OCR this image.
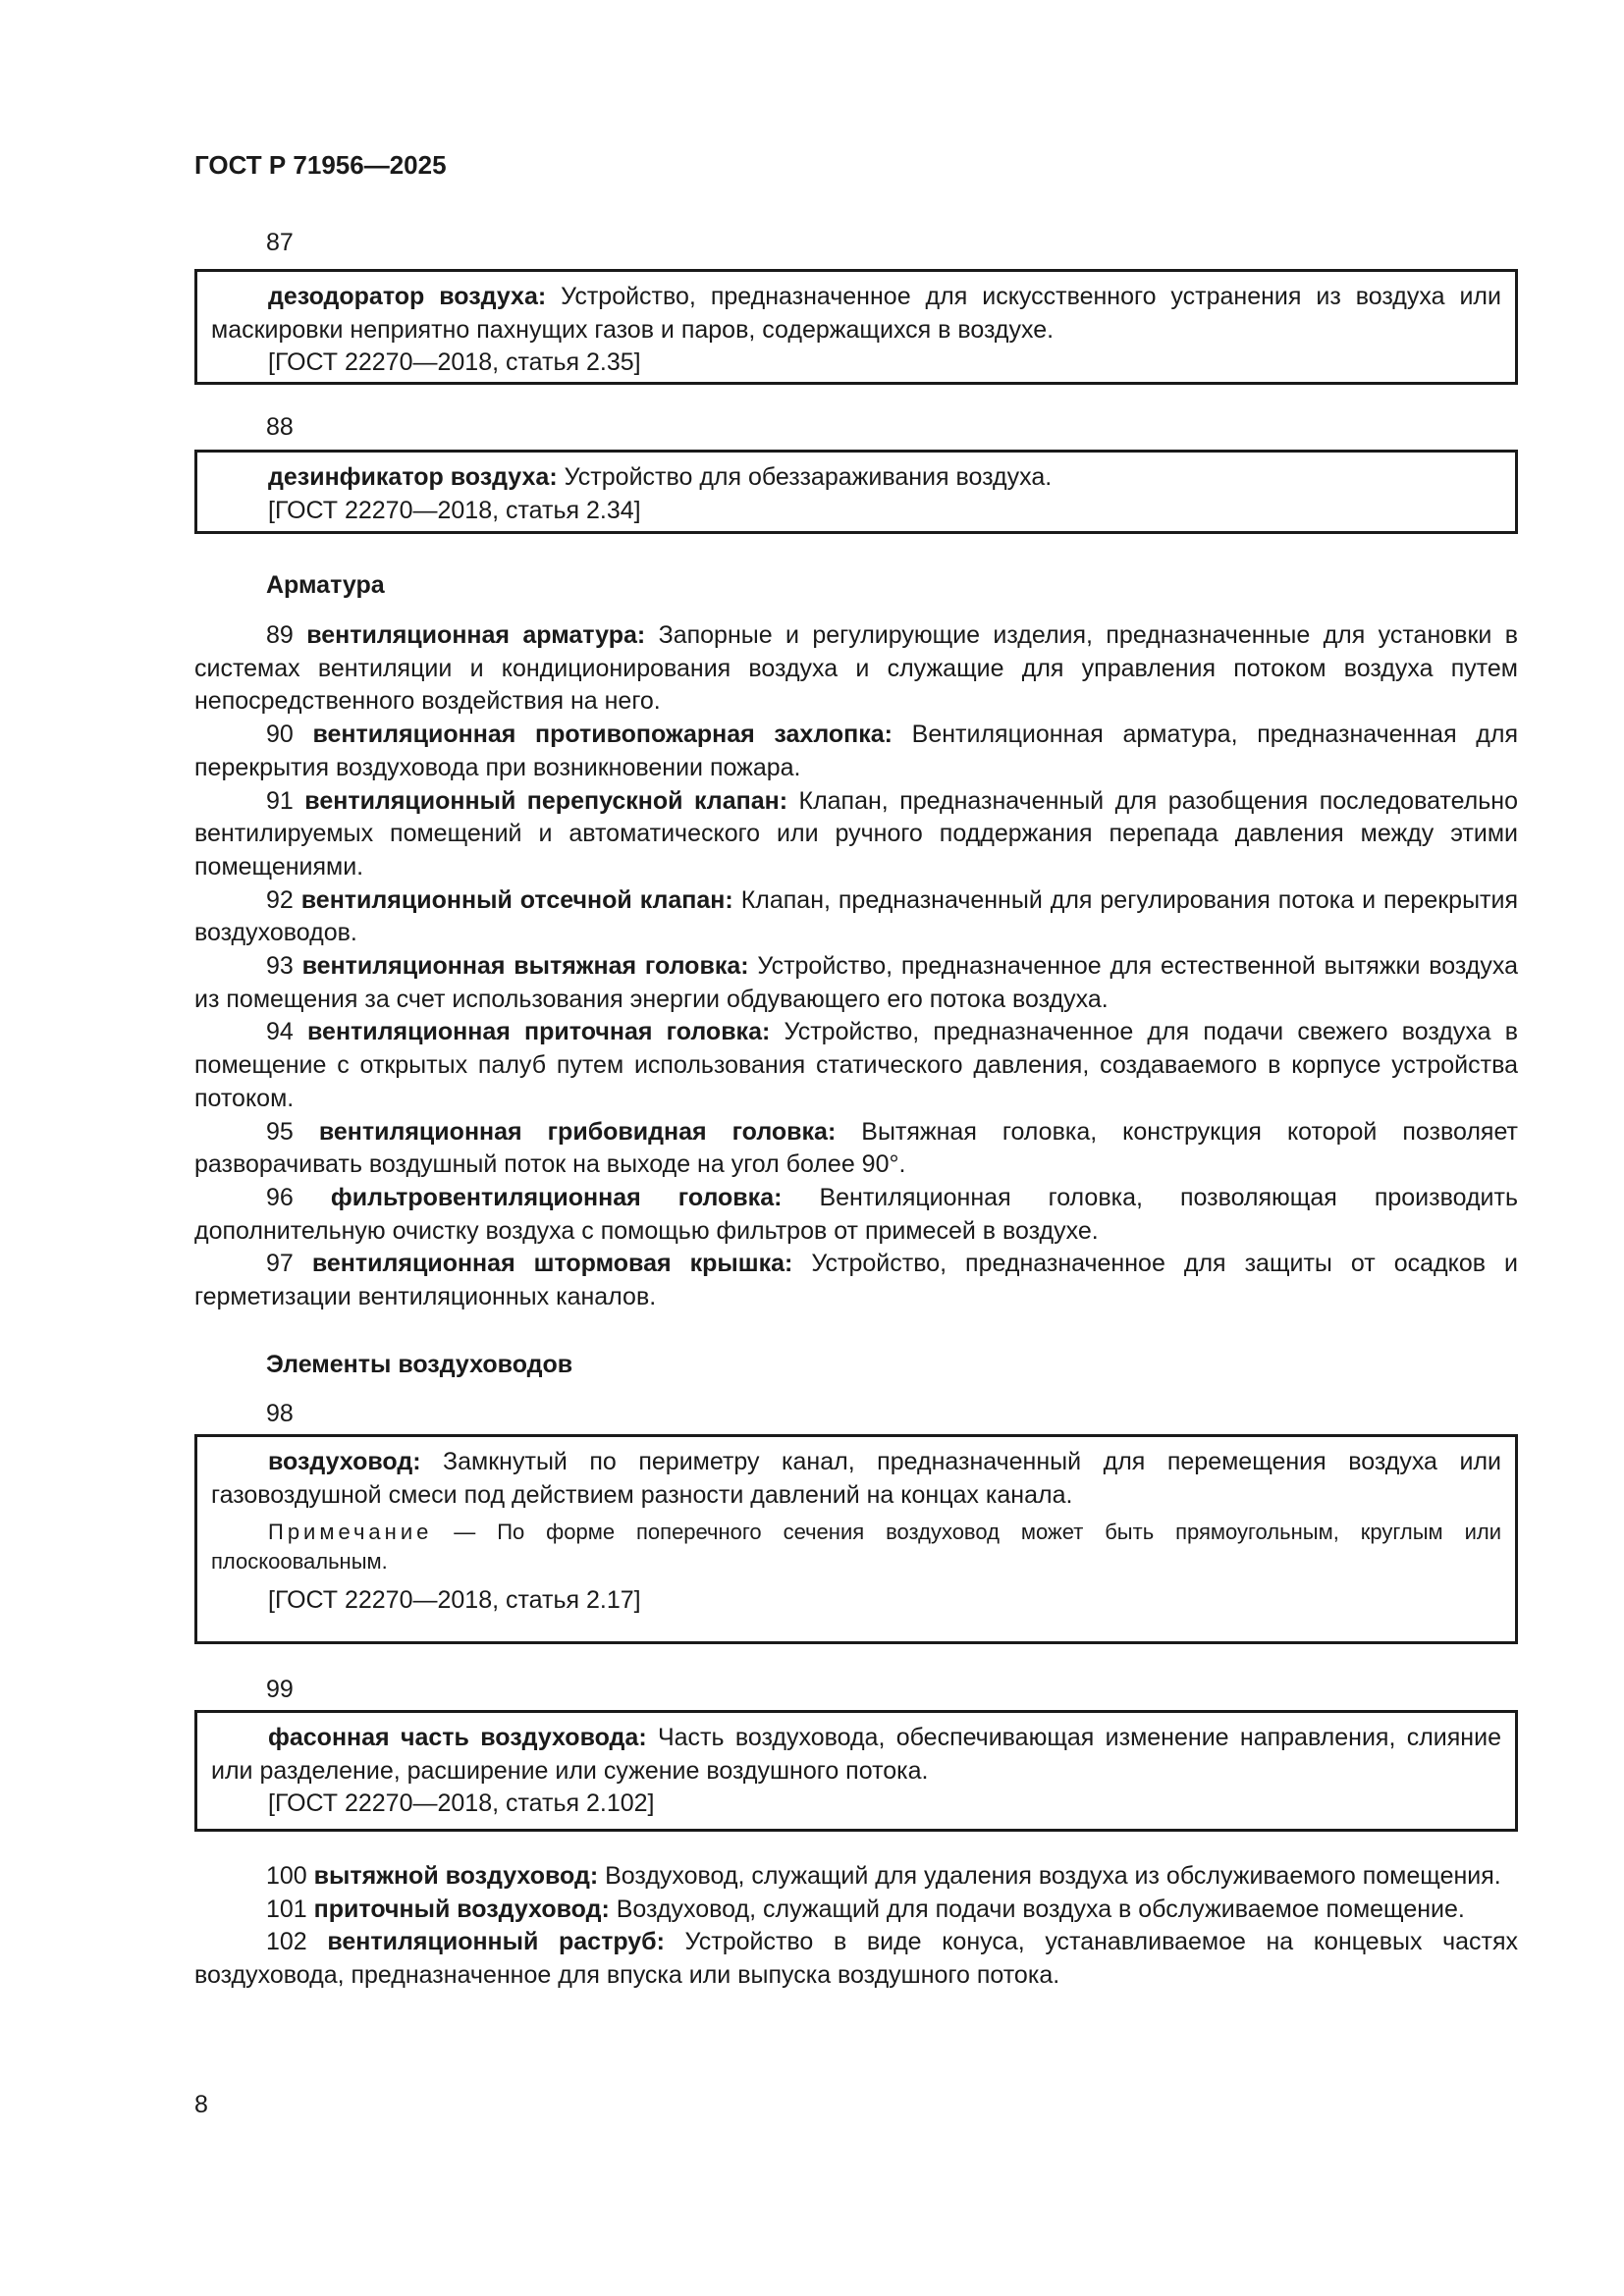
ГОСТ Р 71956—2025
87

дезодоратор воздуха: Устройство, предназначенное для искусственного устранения из воздуха или маскировки неприятно пахнущих газов и паров, содержащихся в воздухе.

[ГОСТ 22270—2018, статья 2.35]

88

дезинфикатор воздуха: Устройство для обеззараживания воздуха.

[ГОСТ 22270—2018, статья 2.34]

Арматура

89 вентиляционная арматура: Запорные и регулирующие изделия, предназначенные для установки в системах вентиляции и кондиционирования воздуха и служащие для управления потоком воздуха путем непосредственного воздействия на него.

90 вентиляционная противопожарная захлопка: Вентиляционная арматура, предназначенная для перекрытия воздуховода при возникновении пожара.

91 вентиляционный перепускной клапан: Клапан, предназначенный для разобщения последовательно вентилируемых помещений и автоматического или ручного поддержания перепада давления между этими помещениями.

92 вентиляционный отсечной клапан: Клапан, предназначенный для регулирования потока и перекрытия воздуховодов.

93 вентиляционная вытяжная головка: Устройство, предназначенное для естественной вытяжки воздуха из помещения за счет использования энергии обдувающего его потока воздуха.

94 вентиляционная приточная головка: Устройство, предназначенное для подачи свежего воздуха в помещение с открытых палуб путем использования статического давления, создаваемого в корпусе устройства потоком.

95 вентиляционная грибовидная головка: Вытяжная головка, конструкция которой позволяет разворачивать воздушный поток на выходе на угол более 90°.

96 фильтровентиляционная головка: Вентиляционная головка, позволяющая производить дополнительную очистку воздуха с помощью фильтров от примесей в воздухе.

97 вентиляционная штормовая крышка: Устройство, предназначенное для защиты от осадков и герметизации вентиляционных каналов.

Элементы воздуховодов
98

воздуховод: Замкнутый по периметру канал, предназначенный для перемещения воздуха или газовоздушной смеси под действием разности давлений на концах канала.

Примечание — По форме поперечного сечения воздуховод может быть прямоугольным, круглым или плоскоовальным.

[ГОСТ 22270—2018, статья 2.17]

99

фасонная часть воздуховода: Часть воздуховода, обеспечивающая изменение направления, слияние или разделение, расширение или сужение воздушного потока.

[ГОСТ 22270—2018, статья 2.102]

100 вытяжной воздуховод: Воздуховод, служащий для удаления воздуха из обслуживаемого помещения.

101 приточный воздуховод: Воздуховод, служащий для подачи воздуха в обслуживаемое помещение.

102 вентиляционный раструб: Устройство в виде конуса, устанавливаемое на концевых частях воздуховода, предназначенное для впуска или выпуска воздушного потока.

8
